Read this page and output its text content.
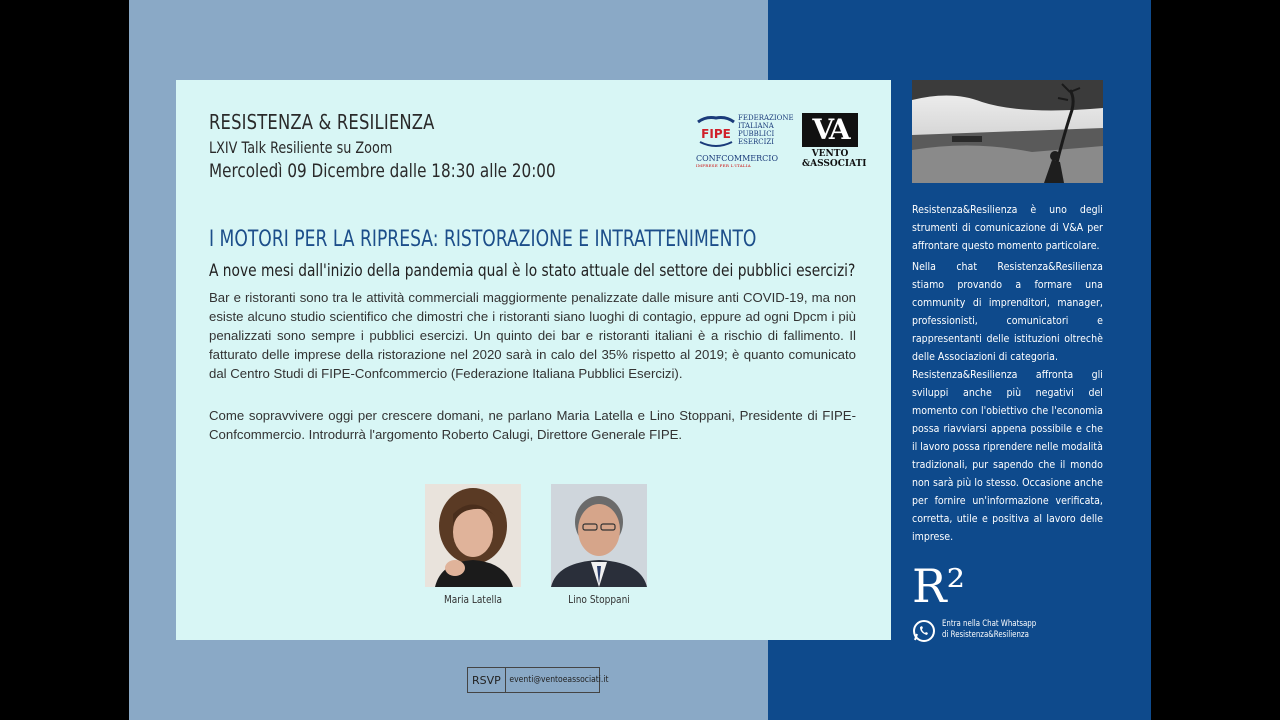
RESISTENZA & RESILIENZA
LXIV Talk Resiliente su Zoom
Mercoledì 09 Dicembre dalle 18:30 alle 20:00
FIPE
FEDERAZIONE
ITALIANA
PUBBLICI
ESERCIZI
CONFCOMMERCIO
IMPRESE PER L'ITALIA
VA
VENTO
&ASSOCIATI
I MOTORI PER LA RIPRESA: RISTORAZIONE E INTRATTENIMENTO
A nove mesi dall'inizio della pandemia qual è lo stato attuale del settore dei pubblici esercizi?

Bar e ristoranti sono tra le attività commerciali maggiormente penalizzate dalle misure anti COVID-19, ma non esiste alcuno studio scientifico che dimostri che i ristoranti siano luoghi di contagio, eppure ad ogni Dpcm i più penalizzati sono sempre i pubblici esercizi. Un quinto dei bar e ristoranti italiani è a rischio di fallimento. Il fatturato delle imprese della ristorazione nel 2020 sarà in calo del 35% rispetto al 2019; è quanto comunicato dal Centro Studi di FIPE-Confcommercio (Federazione Italiana Pubblici Esercizi).

Come sopravvivere oggi per crescere domani, ne parlano Maria Latella e Lino Stoppani, Presidente di FIPE-Confcommercio. Introdurrà l'argomento Roberto Calugi, Direttore Generale FIPE.

Maria Latella	Lino Stoppani
RSVP eventi@ventoeassociati.it

Resistenza&Resilienza è uno degli strumenti di comunicazione di V&A per affrontare questo momento particolare.

Nella chat Resistenza&Resilienza stiamo provando a formare una community di imprenditori, manager, professionisti, comunicatori e rappresentanti delle istituzioni oltrechè delle Associazioni di categoria.

Resistenza&Resilienza affronta gli sviluppi anche più negativi del momento con l'obiettivo che l'economia possa riavviarsi appena possibile e che il lavoro possa riprendere nelle modalità tradizionali, pur sapendo che il mondo non sarà più lo stesso. Occasione anche per fornire un'informazione verificata, corretta, utile e positiva al lavoro delle imprese.

R²
Entra nella Chat Whatsapp
di Resistenza&Resilienza
